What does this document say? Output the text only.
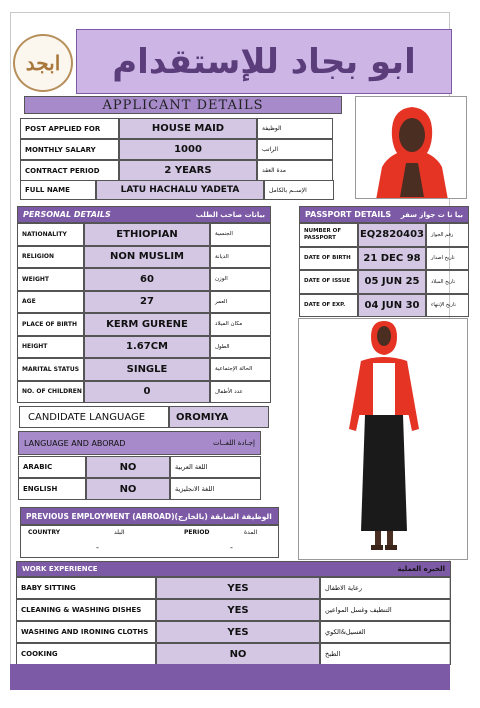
ابجد ابو بجاد للإستقدام
APPLICANT DETAILS
POST APPLIED FOR	HOUSE MAID	الوظيفة
MONTHLY SALARY	1000	الراتب
CONTRACT PERIOD	2 YEARS	مدة العقد
FULL NAME	LATU HACHALU YADETA	الإســم بالكامل
PERSONAL DETAILS	بيانات صاحب الطلب
NATIONALITY	ETHIOPIAN	الجنسية
RELIGION	NON MUSLIM	الديانة
WEIGHT	60	الوزن
AGE	27	العمر
PLACE OF BIRTH	KERM GURENE	مكان الميلاد
HEIGHT	1.67CM	الطول
MARITAL STATUS	SINGLE	الحالة الإجتماعية
NO. OF CHILDREN	0	عدد الأطفال
PASSPORT DETAILS بيا نا ت جواز سفر
NUMBER OF PASSPORT	EQ2820403	رقم الجواز
DATE OF BIRTH	21 DEC 98	تاريخ اصدار
DATE OF ISSUE	05 JUN 25	تاريخ الميلاد
DATE OF EXP.	04 JUN 30	تاريخ الإنتهاء
CANDIDATE LANGUAGE	OROMIYA
LANGUAGE AND ABORAD	إجـادة اللغــات
ARABIC	NO	اللغة العربية
ENGLISH	NO	اللغة الانجليزية
PREVIOUS EMPLOYMENT (ABROAD)(الوظيفة السابقة (بالخارج
COUNTRY	البلد
-
PERIOD	المدة
-
WORK EXPERIENCE	الخبره العملية
BABY SITTING	YES	رعاية الاطفال
CLEANING & WASHING DISHES	YES	التنظيف وغسل المواعين
WASHING AND IRONING CLOTHS	YES	الغسيل&الكوي
COOKING	NO	الطبخ
